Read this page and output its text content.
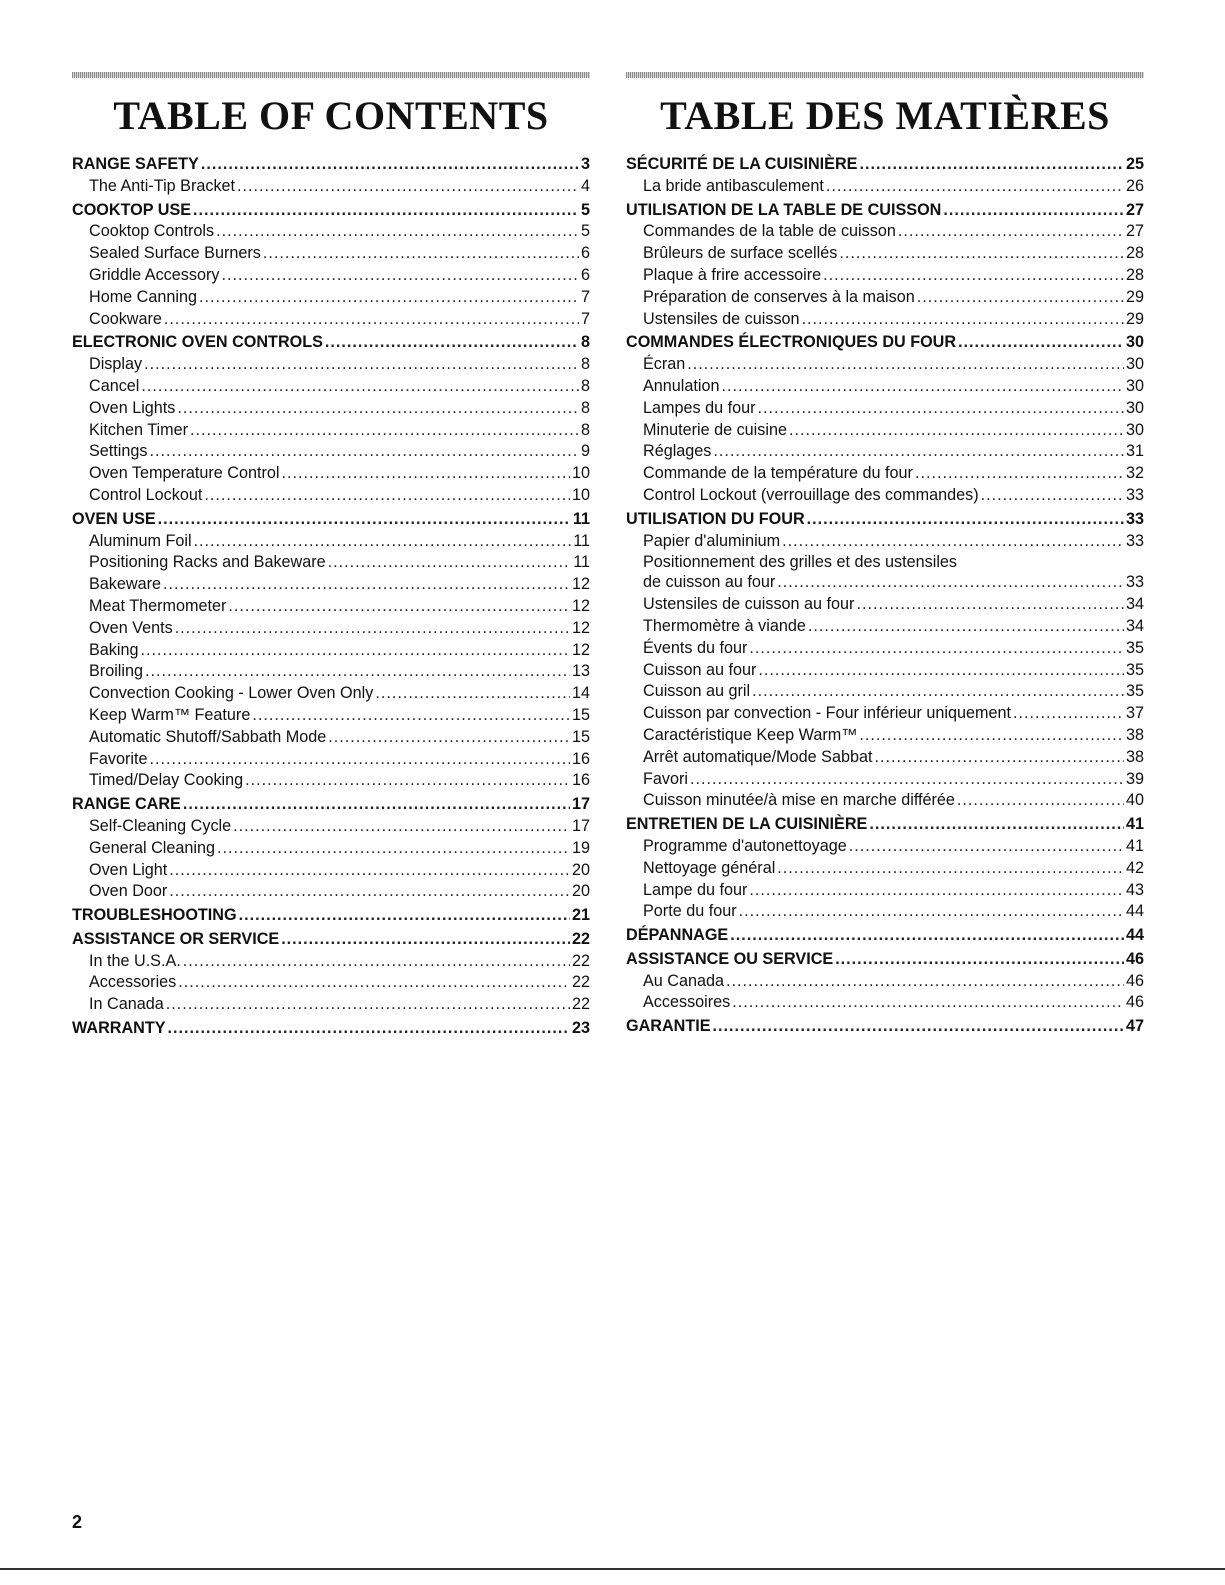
TABLE OF CONTENTS
RANGE SAFETY .....	3
The Anti-Tip Bracket .....	4
COOKTOP USE .....	5
Cooktop Controls .....	5
Sealed Surface Burners .....	6
Griddle Accessory .....	6
Home Canning .....	7
Cookware .....	7
ELECTRONIC OVEN CONTROLS .....	8
Display .....	8
Cancel .....	8
Oven Lights .....	8
Kitchen Timer .....	8
Settings .....	9
Oven Temperature Control .....	10
Control Lockout .....	10
OVEN USE .....	11
Aluminum Foil .....	11
Positioning Racks and Bakeware .....	11
Bakeware .....	12
Meat Thermometer .....	12
Oven Vents .....	12
Baking .....	12
Broiling .....	13
Convection Cooking - Lower Oven Only .....	14
Keep Warm™ Feature .....	15
Automatic Shutoff/Sabbath Mode .....	15
Favorite .....	16
Timed/Delay Cooking .....	16
RANGE CARE .....	17
Self-Cleaning Cycle .....	17
General Cleaning .....	19
Oven Light .....	20
Oven Door .....	20
TROUBLESHOOTING .....	21
ASSISTANCE OR SERVICE .....	22
In the U.S.A. .....	22
Accessories .....	22
In Canada .....	22
WARRANTY .....	23
TABLE DES MATIÈRES
SÉCURITÉ DE LA CUISINIÈRE .....	25
La bride antibasculement .....	26
UTILISATION DE LA TABLE DE CUISSON .....	27
Commandes de la table de cuisson .....	27
Brûleurs de surface scellés .....	28
Plaque à frire accessoire .....	28
Préparation de conserves à la maison .....	29
Ustensiles de cuisson .....	29
COMMANDES ÉLECTRONIQUES DU FOUR .....	30
Écran .....	30
Annulation .....	30
Lampes du four .....	30
Minuterie de cuisine .....	30
Réglages .....	31
Commande de la température du four .....	32
Control Lockout (verrouillage des commandes) .....	33
UTILISATION DU FOUR .....	33
Papier d'aluminium .....	33
Positionnement des grilles et des ustensiles
de cuisson au four .....	33
Ustensiles de cuisson au four .....	34
Thermomètre à viande .....	34
Évents du four .....	35
Cuisson au four .....	35
Cuisson au gril .....	35
Cuisson par convection - Four inférieur uniquement .....	37
Caractéristique Keep Warm™ .....	38
Arrêt automatique/Mode Sabbat .....	38
Favori .....	39
Cuisson minutée/à mise en marche différée .....	40
ENTRETIEN DE LA CUISINIÈRE .....	41
Programme d'autonettoyage .....	41
Nettoyage général .....	42
Lampe du four .....	43
Porte du four .....	44
DÉPANNAGE .....	44
ASSISTANCE OU SERVICE .....	46
Au Canada .....	46
Accessoires .....	46
GARANTIE .....	47
2
